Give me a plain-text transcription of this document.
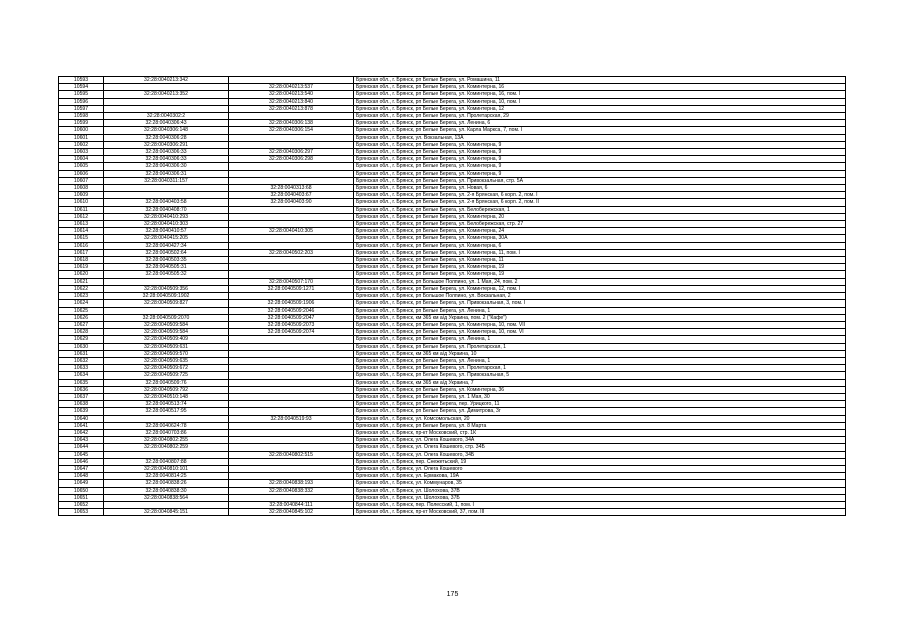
10593	32:28:0040213:342		Брянская обл., г. Брянск, рп Белые Берега, ул. Ромашина, 11
10594		32:28:0040213:537	Брянская обл., г. Брянск, рп Белые Берега, ул. Коминтерна, 16
10595	32:28:0040213:352	32:28:0040213:540	Брянская обл., г. Брянск, рп Белые Берега, ул. Коминтерна, 16, пом. I
10596		32:28:0040213:840	Брянская обл., г. Брянск, рп Белые Берега, ул. Коминтерна, 10, пом. I
10597		32:28:0040213:878	Брянская обл., г. Брянск, рп Белые Берега, ул. Коминтерна, 12
10598	32:28:0040302:2		Брянская обл., г. Брянск, рп Белые Берега, ул. Пролетарская, 29
10599	32:28:0040306:43	32:28:0040306:138	Брянская обл., г. Брянск, рп Белые Берега, ул. Ленина, 6
10600	32:28:0040306:148	32:28:0040306:154	Брянская обл., г. Брянск, рп Белые Берега, ул. Карла Маркса, 7, пом. I
10601	32:28:0040306:28		Брянская обл., г. Брянск, ул. Вокзальная, 13А
10602	32:28:0040306:291		Брянская обл., г. Брянск, рп Белые Берега, ул. Коминтерна, 9
10603	32:28:0040306:33	32:28:0040306:297	Брянская обл., г. Брянск, рп Белые Берега, ул. Коминтерна, 9
10604	32:28:0040306:33	32:28:0040306:298	Брянская обл., г. Брянск, рп Белые Берега, ул. Коминтерна, 9
10605	32:28:0040306:30		Брянская обл., г. Брянск, рп Белые Берега, ул. Коминтерна, 9
10606	32:28:0040306:31		Брянская обл., г. Брянск, рп Белые Берега, ул. Коминтерна, 9
10607	32:28:0040311:157		Брянская обл., г. Брянск, рп Белые Берега, ул. Привокзальная, стр. 5А
10608		32:28:0040313:68	Брянская обл., г. Брянск, рп Белые Берега, ул. Новая, 6
10609		32:28:0040403:67	Брянская обл., г. Брянск, рп Белые Берега, ул. 2-я Брянская, 6 корп. 2, пом. I
10610	32:28:0040403:58	32:28:0040403:90	Брянская обл., г. Брянск, рп Белые Берега, ул. 2-я Брянская, 6 корп. 2, пом. II
10611	32:28:0040408:70		Брянская обл., г. Брянск, рп Белые Берега, ул. Белобережская, 1
10612	32:28:0040410:293		Брянская обл., г. Брянск, рп Белые Берега, ул. Коминтерна, 20
10613	32:28:0040410:303		Брянская обл., г. Брянск, рп Белые Берега, ул. Белобережская, стр. 27
10614	32:28:0040410:57	32:28:0040410:305	Брянская обл., г. Брянск, рп Белые Берега, ул. Коминтерна, 24
10615	32:28:0040415:205		Брянская обл., г. Брянск, рп Белые Берега, ул. Коминтерна, 30А
10616	32:28:0040427:34		Брянская обл., г. Брянск, рп Белые Берега, ул. Коминтерна, 6
10617	32:28:0040502:64	32:28:0040502:203	Брянская обл., г. Брянск, рп Белые Берега, ул. Коминтерна, 11, пом. I
10618	32:28:0040503:35		Брянская обл., г. Брянск, рп Белые Берега, ул. Коминтерна, 11
10619	32:28:0040505:31		Брянская обл., г. Брянск, рп Белые Берега, ул. Коминтерна, 19
10620	32:28:0040505:32		Брянская обл., г. Брянск, рп Белые Берега, ул. Коминтерна, 19
10621		32:28:0040507:170	Брянская обл., г. Брянск, рп Большое Полпино, ул. 1 Мая, 24, пом. 2
10622	32:28:0040509:356	32:28:0040509:1271	Брянская обл., г. Брянск, рп Белые Берега, ул. Коминтерна, 12, пом. I
10623	32:28:0040509:1902		Брянская обл., г. Брянск, рп Большое Полпино, ул. Вокзальная, 2
10624	32:28:0040509:827	32:28:0040509:1906	Брянская обл., г. Брянск, рп Белые Берега, ул. Привокзальная, 3, пом. I
10625		32:28:0040509:2046	Брянская обл., г. Брянск, рп Белые Берега, ул. Ленина, 1
10626	32:28:0040509:2070	32:28:0040509:2047	Брянская обл., г. Брянск, км 365 км а/д Украина, пом. 2 ("Кафе")
10627	32:28:0040509:584	32:28:0040509:2073	Брянская обл., г. Брянск, рп Белые Берега, ул. Коминтерна, 10, пом. VII
10628	32:28:0040509:584	32:28:0040509:2074	Брянская обл., г. Брянск, рп Белые Берега, ул. Коминтерна, 10, пом. VI
10629	32:28:0040509:409		Брянская обл., г. Брянск, рп Белые Берега, ул. Ленина, 1
10630	32:28:0040509:631		Брянская обл., г. Брянск, рп Белые Берега, ул. Пролетарская, 1
10631	32:28:0040509:570		Брянская обл., г. Брянск, км 365 км а/д Украина, 10
10632	32:28:0040509:635		Брянская обл., г. Брянск, рп Белые Берега, ул. Ленина, 1
10633	32:28:0040509:672		Брянская обл., г. Брянск, рп Белые Берега, ул. Пролетарская, 1
10634	32:28:0040509:725		Брянская обл., г. Брянск, рп Белые Берега, ул. Привокзальная, 5
10635	32:28:0040509:76		Брянская обл., г. Брянск, км 365 км а/д Украина, 7
10636	32:28:0040509:792		Брянская обл., г. Брянск, рп Белые Берега, ул. Коминтерна, 36
10637	32:28:0040510:148		Брянская обл., г. Брянск, рп Белые Берега, ул. 1 Мая, 30
10638	32:28:0040513:74		Брянская обл., г. Брянск, рп Белые Берега, пер. Урицкого, 11
10639	32:28:0040517:95		Брянская обл., г. Брянск, рп Белые Берега, ул. Димитрова, 3г
10640		32:28:0040519:93	Брянская обл., г. Брянск, ул. Комсомольская, 20
10641	32:28:0040624:78		Брянская обл., г. Брянск, рп Белые Берега, ул. 8 Марта
10642	32:28:0040703:86		Брянская обл., г. Брянск, пр-кт Московский, стр. 1К
10643	32:28:0040802:255		Брянская обл., г. Брянск, ул. Олега Кошевого, 34А
10644	32:28:0040802:259		Брянская обл., г. Брянск, ул. Олега Кошевого, стр. 34Б
10645		32:28:0040802:515	Брянская обл., г. Брянск, ул. Олега Кошевого, 34Б
10646	32:28:0040807:88		Брянская обл., г. Брянск, пер. Снежетьский, 19
10647	32:28:0040810:101		Брянская обл., г. Брянск, ул. Олега Кошевого
10648	32:28:0040814:25		Брянская обл., г. Брянск, ул. Ермакова, 19А
10649	32:28:0040838:26	32:28:0040838:193	Брянская обл., г. Брянск, ул. Коммунаров, 35
10650	32:28:0040838:30	32:28:0040838:332	Брянская обл., г. Брянск, ул. Шолохова, 37В
10651	32:28:0040838:564		Брянская обл., г. Брянск, ул. Шолохова, 37Б
10652		32:28:0040844:111	Брянская обл., г. Брянск, пер. Полесский, 1, пом. I
10653	32:28:0040845:151	32:28:0040845:102	Брянская обл., г. Брянск, пр-кт Московский, 37, пом. III
175
